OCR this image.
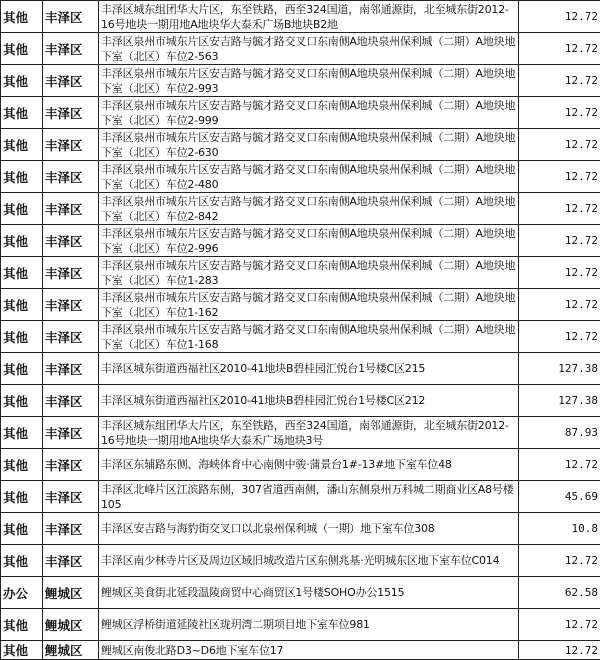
其他	丰泽区	丰泽区城东组团华大片区，东至铁路，西至324国道，南邻通源街，北至城东街2012-16号地块一期用地A地块华大泰禾广场B地块B2地	12.72
其他	丰泽区	丰泽区泉州市城东片区安吉路与毓才路交叉口东南侧A地块泉州保利城（二期）A地块地下室（北区）车位2-563	12.72
其他	丰泽区	丰泽区泉州市城东片区安吉路与毓才路交叉口东南侧A地块泉州保利城（二期）A地块地下室（北区）车位2-993	12.72
其他	丰泽区	丰泽区泉州市城东片区安吉路与毓才路交叉口东南侧A地块泉州保利城（二期）A地块地下室（北区）车位2-999	12.72
其他	丰泽区	丰泽区泉州市城东片区安吉路与毓才路交叉口东南侧A地块泉州保利城（二期）A地块地下室（北区）车位2-630	12.72
其他	丰泽区	丰泽区泉州市城东片区安吉路与毓才路交叉口东南侧A地块泉州保利城（二期）A地块地下室（北区）车位2-480	12.72
其他	丰泽区	丰泽区泉州市城东片区安吉路与毓才路交叉口东南侧A地块泉州保利城（二期）A地块地下室（北区）车位2-842	12.72
其他	丰泽区	丰泽区泉州市城东片区安吉路与毓才路交叉口东南侧A地块泉州保利城（二期）A地块地下室（北区）车位2-996	12.72
其他	丰泽区	丰泽区泉州市城东片区安吉路与毓才路交叉口东南侧A地块泉州保利城（二期）A地块地下室（北区）车位1-283	12.72
其他	丰泽区	丰泽区泉州市城东片区安吉路与毓才路交叉口东南侧A地块泉州保利城（二期）A地块地下室（北区）车位1-162	12.72
其他	丰泽区	丰泽区泉州市城东片区安吉路与毓才路交叉口东南侧A地块泉州保利城（二期）A地块地下室（北区）车位1-168	12.72
其他	丰泽区	丰泽区城东街道西福社区2010-41地块B碧桂园汇悦台1号楼C区215	127.38
其他	丰泽区	丰泽区城东街道西福社区2010-41地块B碧桂园汇悦台1号楼C区212	127.38
其他	丰泽区	丰泽区城东组团华大片区，东至铁路，西至324国道，南邻通源街，北至城东街2012-16号地块一期用地A地块华大泰禾广场地块3号	87.93
其他	丰泽区	丰泽区东辅路东侧、海峡体育中心南侧中骏·蒲景台1#-13#地下室车位48	12.72
其他	丰泽区	丰泽区北峰片区江滨路东侧，307省道西南侧，潘山东侧泉州万科城二期商业区A8号楼105	45.69
其他	丰泽区	丰泽区安吉路与海豹街交叉口以北泉州保利城（一期）地下室车位308	10.8
其他	丰泽区	丰泽区南少林寺片区及周边区域旧城改造片区东侧兆基·光明城东区地下室车位C014	12.72
办公	鲤城区	鲤城区美食街北延段温陵商贸中心商贸区1号楼SOHO办公1515	62.58
其他	鲤城区	鲤城区浮桥街道延陵社区珑玥湾二期项目地下室车位981	12.72
其他	鲤城区	鲤城区南俊北路D3~D6地下室车位17	12.72
